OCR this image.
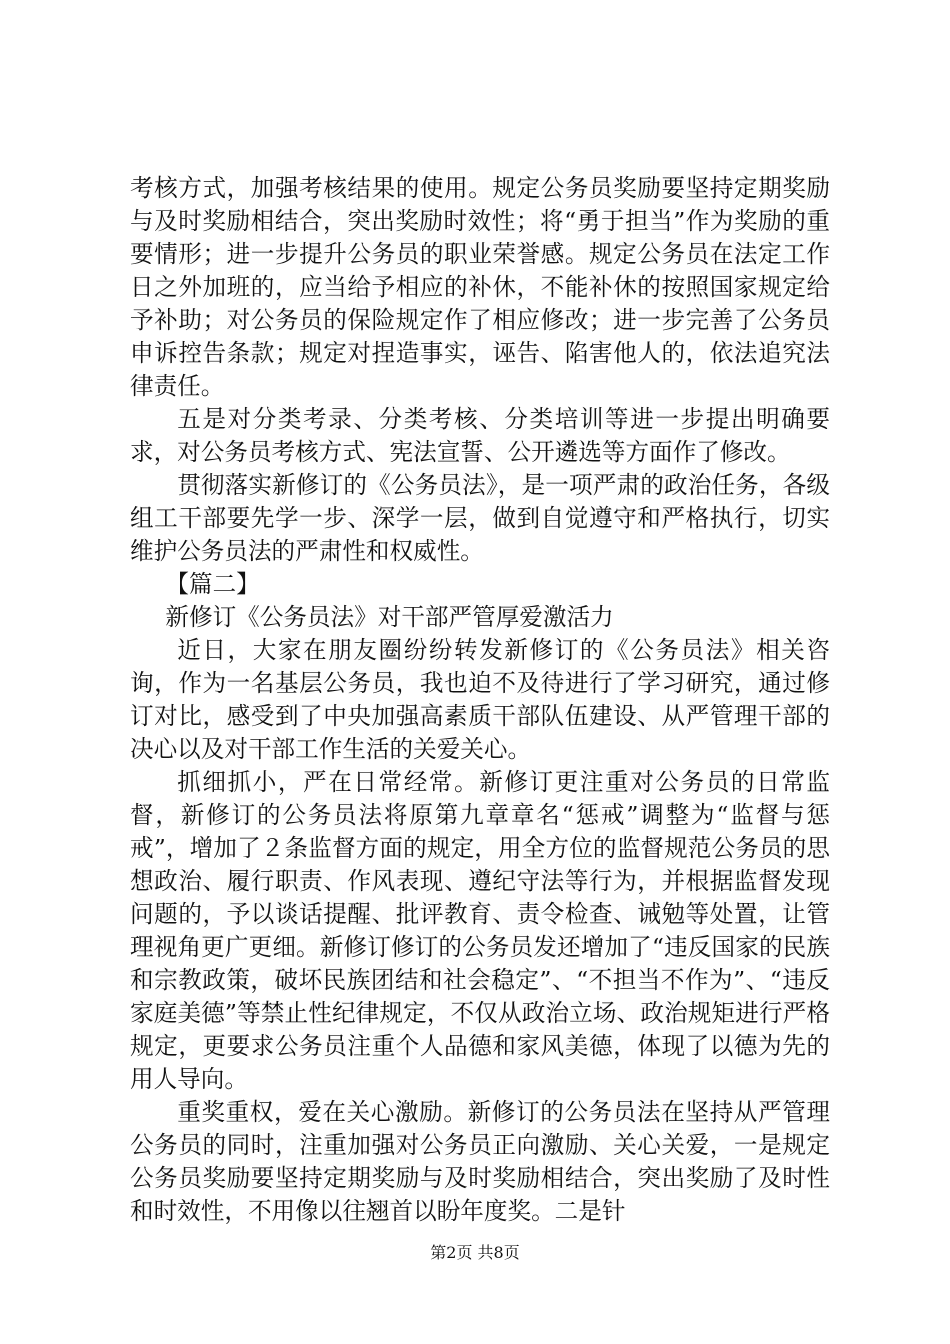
考核方式，加强考核结果的使用。规定公务员奖励要坚持定期奖励与及时奖励相结合，突出奖励时效性；将“勇于担当”作为奖励的重要情形；进一步提升公务员的职业荣誉感。规定公务员在法定工作日之外加班的，应当给予相应的补休，不能补休的按照国家规定给予补助；对公务员的保险规定作了相应修改；进一步完善了公务员申诉控告条款；规定对捏造事实，诬告、陷害他人的，依法追究法律责任。

五是对分类考录、分类考核、分类培训等进一步提出明确要求，对公务员考核方式、宪法宣誓、公开遴选等方面作了修改。

贯彻落实新修订的《公务员法》，是一项严肃的政治任务，各级组工干部要先学一步、深学一层，做到自觉遵守和严格执行，切实维护公务员法的严肃性和权威性。

【篇二】

新修订《公务员法》对干部严管厚爱激活力

近日，大家在朋友圈纷纷转发新修订的《公务员法》相关咨询，作为一名基层公务员，我也迫不及待进行了学习研究，通过修订对比，感受到了中央加强高素质干部队伍建设、从严管理干部的决心以及对干部工作生活的关爱关心。

抓细抓小，严在日常经常。新修订更注重对公务员的日常监督，新修订的公务员法将原第九章章名“惩戒”调整为“监督与惩戒”，增加了２条监督方面的规定，用全方位的监督规范公务员的思想政治、履行职责、作风表现、遵纪守法等行为，并根据监督发现问题的，予以谈话提醒、批评教育、责令检查、诫勉等处置，让管理视角更广更细。新修订修订的公务员发还增加了“违反国家的民族和宗教政策，破坏民族团结和社会稳定”、“不担当不作为”、“违反家庭美德”等禁止性纪律规定，不仅从政治立场、政治规矩进行严格规定，更要求公务员注重个人品德和家风美德，体现了以德为先的用人导向。

重奖重权，爱在关心激励。新修订的公务员法在坚持从严管理公务员的同时，注重加强对公务员正向激励、关心关爱，一是规定公务员奖励要坚持定期奖励与及时奖励相结合，突出奖励了及时性和时效性，不用像以往翘首以盼年度奖。二是针

第2页 共8页
